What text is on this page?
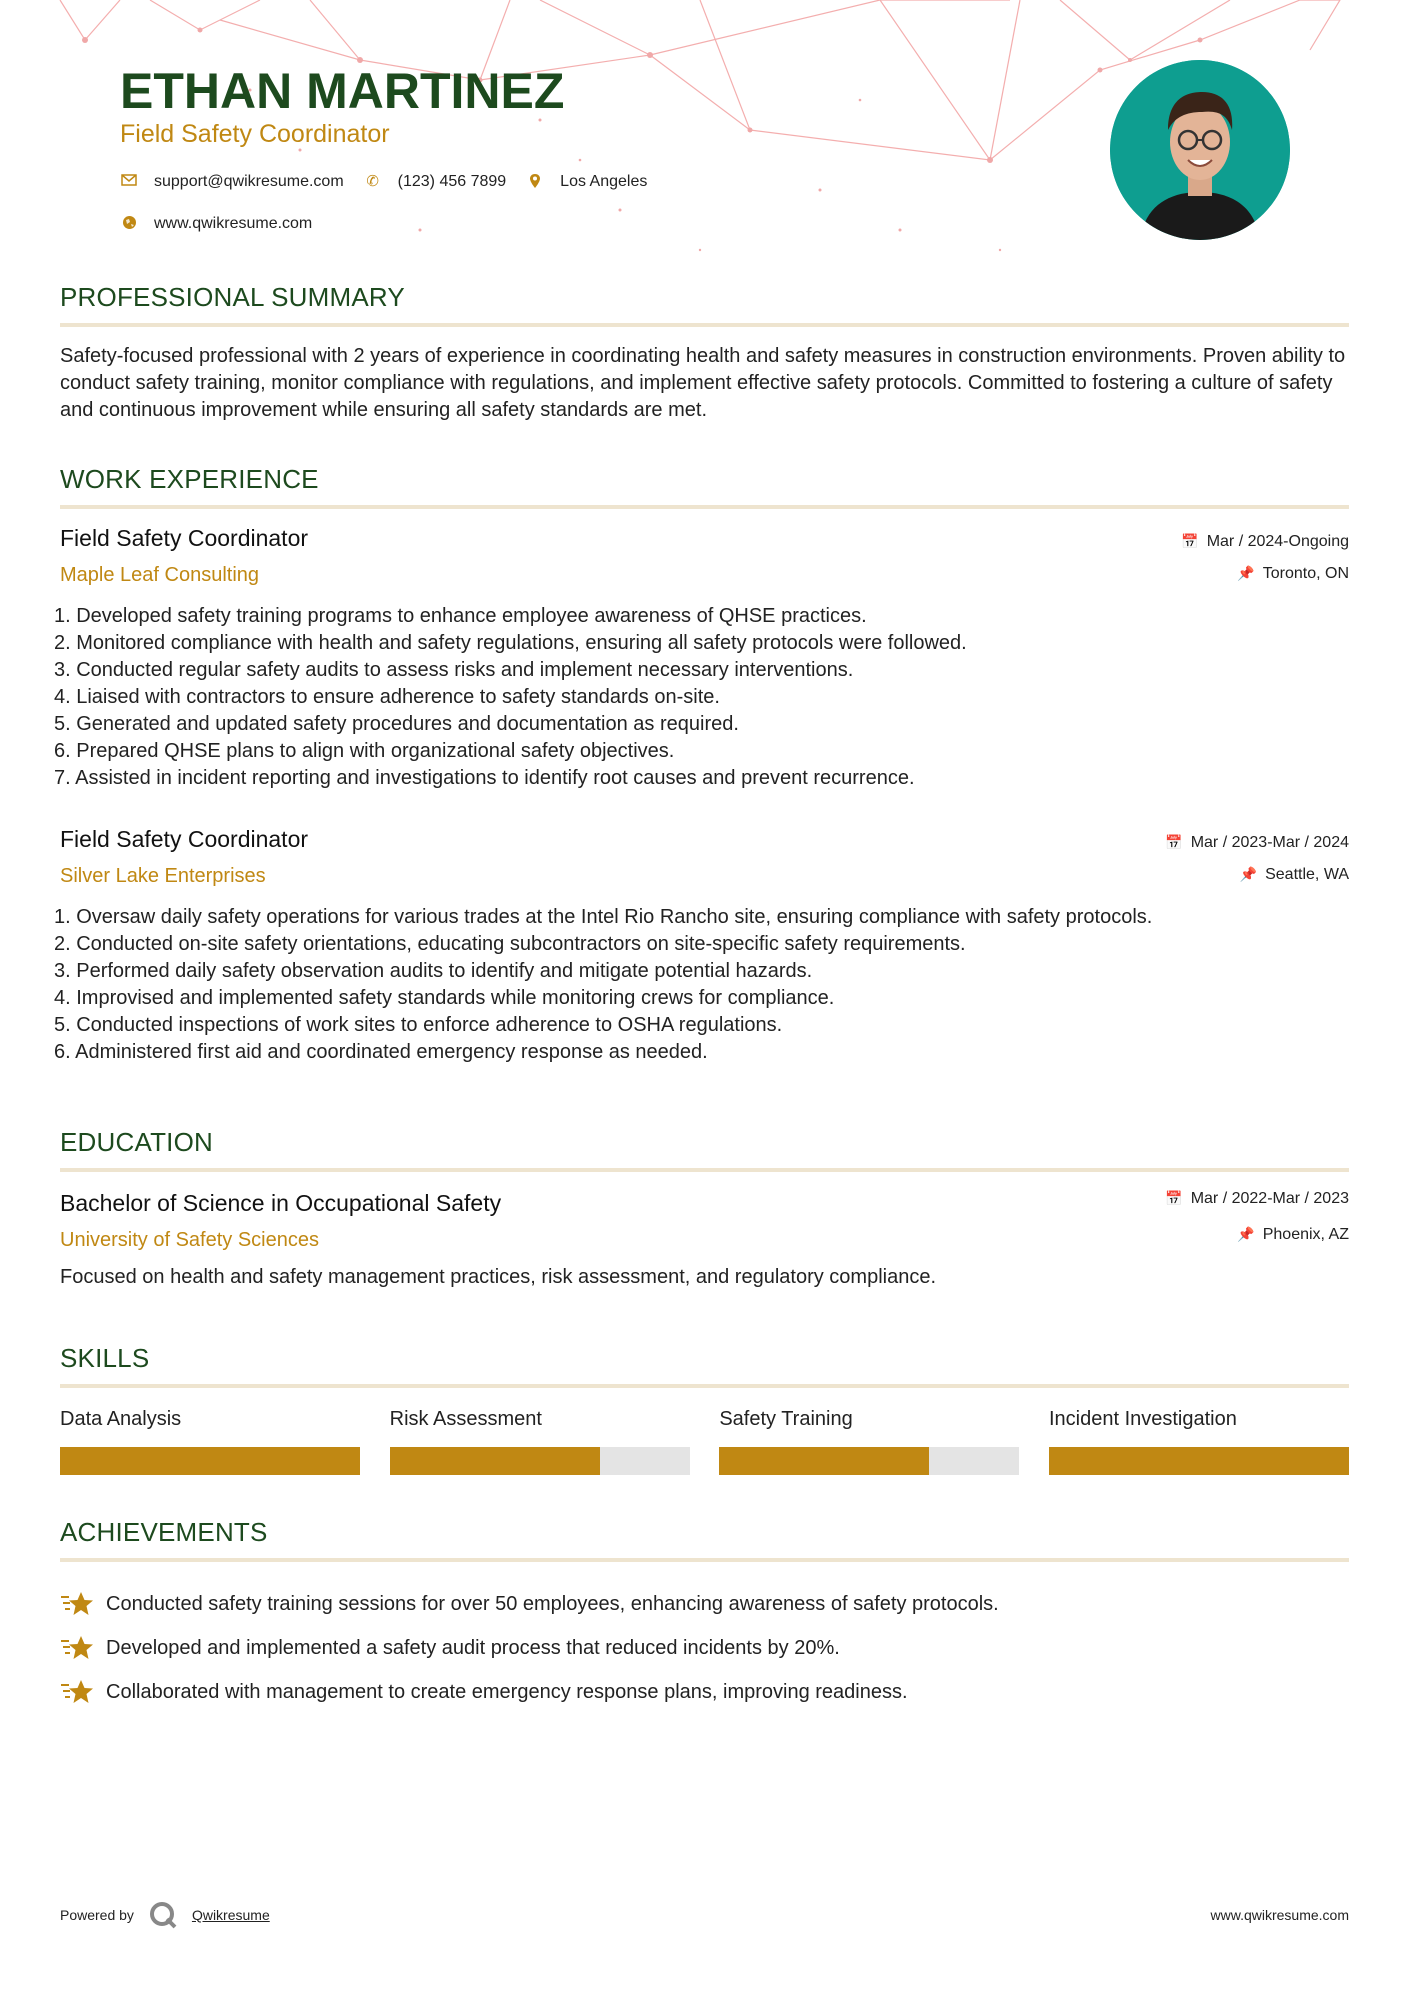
ETHAN MARTINEZ
Field Safety Coordinator
support@qwikresume.com ✆ (123) 456 7899	Los Angeles
www.qwikresume.com
PROFESSIONAL SUMMARY
Safety-focused professional with 2 years of experience in coordinating health and safety measures in construction environments. Proven ability to conduct safety training, monitor compliance with regulations, and implement effective safety protocols. Committed to fostering a culture of safety and continuous improvement while ensuring all safety standards are met.
WORK EXPERIENCE
Field Safety Coordinator
Maple Leaf Consulting
📅 Mar / 2024-Ongoing
📌 Toronto, ON
1. Developed safety training programs to enhance employee awareness of QHSE practices.
2. Monitored compliance with health and safety regulations, ensuring all safety protocols were followed.
3. Conducted regular safety audits to assess risks and implement necessary interventions.
4. Liaised with contractors to ensure adherence to safety standards on-site.
5. Generated and updated safety procedures and documentation as required.
6. Prepared QHSE plans to align with organizational safety objectives.
7. Assisted in incident reporting and investigations to identify root causes and prevent recurrence.
Field Safety Coordinator
Silver Lake Enterprises
📅 Mar / 2023-Mar / 2024
📌 Seattle, WA
1. Oversaw daily safety operations for various trades at the Intel Rio Rancho site, ensuring compliance with safety protocols.
2. Conducted on-site safety orientations, educating subcontractors on site-specific safety requirements.
3. Performed daily safety observation audits to identify and mitigate potential hazards.
4. Improvised and implemented safety standards while monitoring crews for compliance.
5. Conducted inspections of work sites to enforce adherence to OSHA regulations.
6. Administered first aid and coordinated emergency response as needed.
EDUCATION
Bachelor of Science in Occupational Safety
University of Safety Sciences
📅 Mar / 2022-Mar / 2023
📌 Phoenix, AZ
Focused on health and safety management practices, risk assessment, and regulatory compliance.
SKILLS
Data Analysis	Risk Assessment	Safety Training	Incident Investigation
ACHIEVEMENTS
Conducted safety training sessions for over 50 employees, enhancing awareness of safety protocols.
Developed and implemented a safety audit process that reduced incidents by 20%.
Collaborated with management to create emergency response plans, improving readiness.
Powered by	Qwikresume	www.qwikresume.com
